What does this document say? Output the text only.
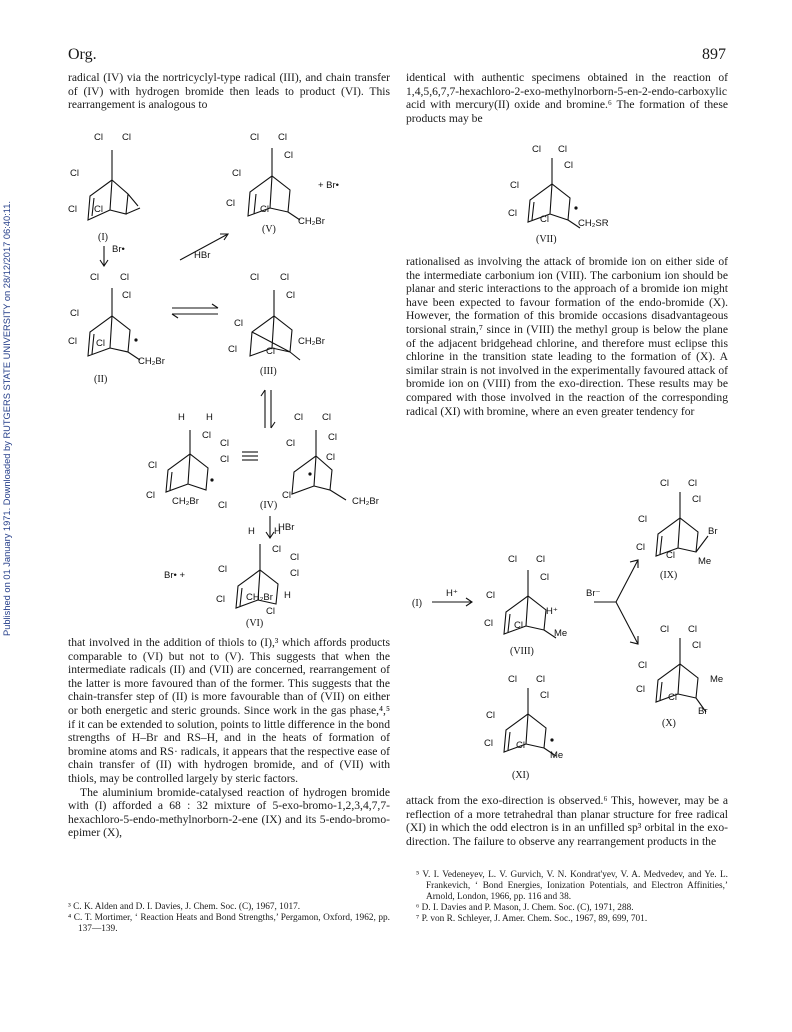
Published on 01 January 1971. Downloaded by RUTGERS STATE UNIVERSITY on 28/12/2017 06:40:11.
Org.	897

radical (IV) via the nortricyclyl-type radical (III), and chain transfer of (IV) with hydrogen bromide then leads to product (VI). This rearrangement is analogous to

identical with authentic specimens obtained in the reaction of 1,4,5,6,7,7-hexachloro-2-exo-methylnorborn-5-en-2-endo-carboxylic acid with mercury(II) oxide and bromine.⁶ The formation of these products may be

rationalised as involving the attack of bromide ion on either side of the intermediate carbonium ion (VIII). The carbonium ion should be planar and steric interactions to the approach of a bromide ion might have been expected to favour formation of the endo-bromide (X). However, the formation of this bromide occasions disadvantageous torsional strain,⁷ since in (VIII) the methyl group is below the plane of the adjacent bridgehead chlorine, and therefore must eclipse this chlorine in the transition state leading to the formation of (X). A similar strain is not involved in the experimentally favoured attack of bromide ion on (VIII) from the exo-direction. These results may be compared with those involved in the reaction of the corresponding radical (XI) with bromine, where an even greater tendency for

that involved in the addition of thiols to (I),³ which affords products comparable to (VI) but not to (V). This suggests that when the intermediate radicals (II) and (VII) are concerned, rearrangement of the latter is more favoured than of the former. This suggests that the chain-transfer step of (II) is more favourable than of (VII) on either or both energetic and steric grounds. Since work in the gas phase,⁴,⁵ if it can be extended to solution, points to little difference in the bond strengths of H–Br and RS–H, and in the heats of formation of bromine atoms and RS· radicals, it appears that the respective ease of chain transfer of (II) with hydrogen bromide, and of (VII) with thiols, may be controlled largely by steric factors.

The aluminium bromide-catalysed reaction of hydrogen bromide with (I) afforded a 68 : 32 mixture of 5-exo-bromo-1,2,3,4,7,7-hexachloro-5-endo-methylnorborn-2-ene (IX) and its 5-endo-bromo-epimer (X),

attack from the exo-direction is observed.⁶ This, however, may be a reflection of a more tetrahedral than planar structure for free radical (XI) in which the odd electron is in an unfilled sp³ orbital in the exo-direction. The failure to observe any rearrangement products in the

³ C. K. Alden and D. I. Davies, J. Chem. Soc. (C), 1967, 1017.

⁴ C. T. Mortimer, ‘ Reaction Heats and Bond Strengths,’ Pergamon, Oxford, 1962, pp. 137—139.

⁵ V. I. Vedeneyev, L. V. Gurvich, V. N. Kondrat'yev, V. A. Medvedev, and Ye. L. Frankevich, ‘ Bond Energies, Ionization Potentials, and Electron Affinities,’ Arnold, London, 1966, pp. 116 and 38.

⁶ D. I. Davies and P. Mason, J. Chem. Soc. (C), 1971, 288.

⁷ P. von R. Schleyer, J. Amer. Chem. Soc., 1967, 89, 699, 701.

Cl Cl
Cl
Cl Cl
(I)
Br•
HBr
Cl Cl
Cl
Cl
Cl
Cl
CH₂Br
+ Br•
(V)
Cl Cl
Cl
Cl
Cl Cl
CH₂Br
(II)
Cl Cl
Cl
Cl
Cl	Cl
CH₂Br
(III)
H H
Cl
Cl
Cl
Cl
Cl
CH₂Br Cl
Cl Cl
Cl
Cl
Cl
Cl
CH₂Br
(IV)
HBr
Br• +
H H
Cl
Cl
Cl
Cl
Cl CH₂Br H
Cl
(VI)
Cl Cl
Cl
Cl
Cl
Cl	CH₂SR
(VII)
(I)
H⁺
H⁺
Cl Cl
Cl
Cl
Cl Cl
Me
(VIII)
Br⁻
Cl Cl
Cl
Cl
Cl
Cl
Br
Me
(IX)
Cl Cl
Cl
Cl
Cl
Cl
Me
Br
(X)
Cl Cl
Cl
Cl
Cl Cl
Me
(XI)
